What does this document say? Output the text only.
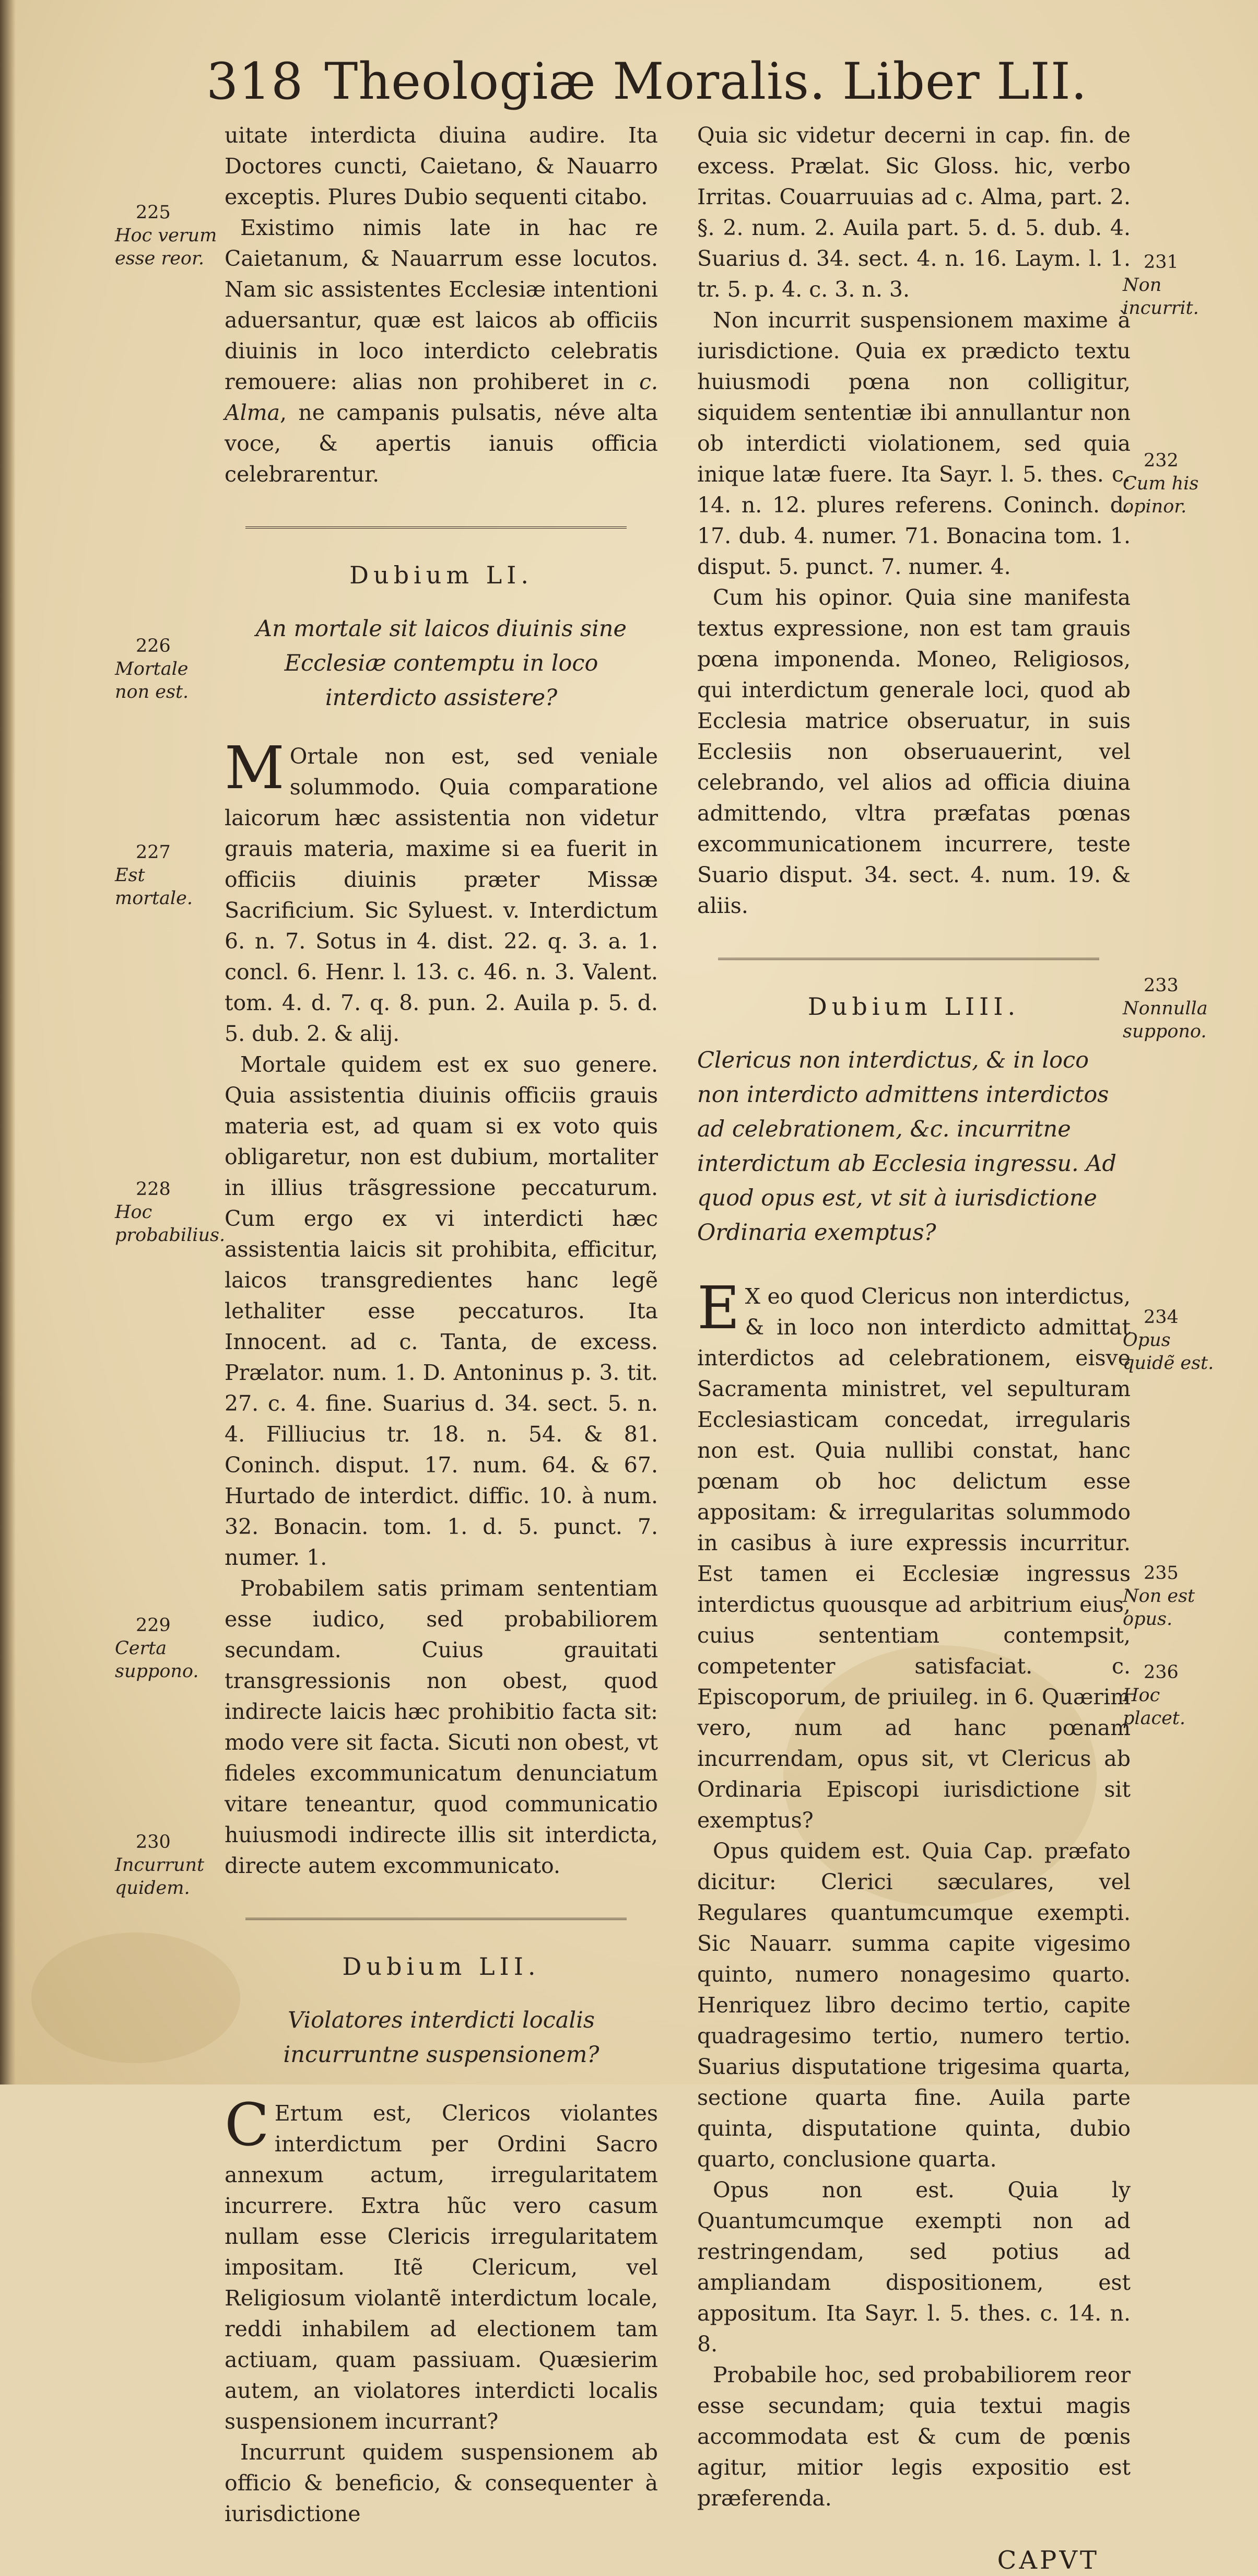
318 Theologiæ Moralis. Liber LII.

uitate interdicta diuina audire. Ita Doctores cuncti, Caietano, & Nauarro exceptis. Plures Dubio sequenti citabo.

Existimo nimis late in hac re Caietanum, & Nauarrum esse locutos. Nam sic assistentes Ecclesiæ intentioni aduersantur, quæ est laicos ab officiis diuinis in loco interdicto celebratis remouere: alias non prohiberet in c. Alma, ne campanis pulsatis, néve alta voce, & apertis ianuis officia celebrarentur.

Dubium LI.
An mortale sit laicos diuinis sine Ecclesiæ contemptu in loco interdicto assistere?

M Ortale non est, sed veniale solummodo. Quia comparatione laicorum hæc assistentia non videtur grauis materia, maxime si ea fuerit in officiis diuinis præter Missæ Sacrificium. Sic Syluest. v. Interdictum 6. n. 7. Sotus in 4. dist. 22. q. 3. a. 1. concl. 6. Henr. l. 13. c. 46. n. 3. Valent. tom. 4. d. 7. q. 8. pun. 2. Auila p. 5. d. 5. dub. 2. & alij.

Mortale quidem est ex suo genere. Quia assistentia diuinis officiis grauis materia est, ad quam si ex voto quis obligaretur, non est dubium, mortaliter in illius trãsgressione peccaturum. Cum ergo ex vi interdicti hæc assistentia laicis sit prohibita, efficitur, laicos transgredientes hanc legẽ lethaliter esse peccaturos. Ita Innocent. ad c. Tanta, de excess. Prælator. num. 1. D. Antoninus p. 3. tit. 27. c. 4. fine. Suarius d. 34. sect. 5. n. 4. Filliucius tr. 18. n. 54. & 81. Coninch. disput. 17. num. 64. & 67. Hurtado de interdict. diffic. 10. à num. 32. Bonacin. tom. 1. d. 5. punct. 7. numer. 1.

Probabilem satis primam sententiam esse iudico, sed probabiliorem secundam. Cuius grauitati transgressionis non obest, quod indirecte laicis hæc prohibitio facta sit: modo vere sit facta. Sicuti non obest, vt fideles excommunicatum denunciatum vitare teneantur, quod communicatio huiusmodi indirecte illis sit interdicta, directe autem excommunicato.

Dubium LII.
Violatores interdicti localis incurruntne suspensionem?

C Ertum est, Clericos violantes interdictum per Ordini Sacro annexum actum, irregularitatem incurrere. Extra hũc vero casum nullam esse Clericis irregularitatem impositam. Itẽ Clericum, vel Religiosum violantẽ interdictum locale, reddi inhabilem ad electionem tam actiuam, quam passiuam. Quæsierim autem, an violatores interdicti localis suspensionem incurrant?

Incurrunt quidem suspensionem ab officio & beneficio, & consequenter à iurisdictione

Quia sic videtur decerni in cap. fin. de excess. Prælat. Sic Gloss. hic, verbo Irritas. Couarruuias ad c. Alma, part. 2. §. 2. num. 2. Auila part. 5. d. 5. dub. 4. Suarius d. 34. sect. 4. n. 16. Laym. l. 1. tr. 5. p. 4. c. 3. n. 3.

Non incurrit suspensionem maxime à iurisdictione. Quia ex prædicto textu huiusmodi pœna non colligitur, siquidem sententiæ ibi annullantur non ob interdicti violationem, sed quia inique latæ fuere. Ita Sayr. l. 5. thes. c. 14. n. 12. plures referens. Coninch. d. 17. dub. 4. numer. 71. Bonacina tom. 1. disput. 5. punct. 7. numer. 4.

Cum his opinor. Quia sine manifesta textus expressione, non est tam grauis pœna imponenda. Moneo, Religiosos, qui interdictum generale loci, quod ab Ecclesia matrice obseruatur, in suis Ecclesiis non obseruauerint, vel celebrando, vel alios ad officia diuina admittendo, vltra præfatas pœnas excommunicationem incurrere, teste Suario disput. 34. sect. 4. num. 19. & aliis.

Dubium LIII.
Clericus non interdictus, & in loco non interdicto admittens interdictos ad celebrationem, &c. incurritne interdictum ab Ecclesia ingressu. Ad quod opus est, vt sit à iurisdictione Ordinaria exemptus?

E X eo quod Clericus non interdictus, & in loco non interdicto admittat interdictos ad celebrationem, eisve Sacramenta ministret, vel sepulturam Ecclesiasticam concedat, irregularis non est. Quia nullibi constat, hanc pœnam ob hoc delictum esse appositam: & irregularitas solummodo in casibus à iure expressis incurritur. Est tamen ei Ecclesiæ ingressus interdictus quousque ad arbitrium eius, cuius sententiam contempsit, competenter satisfaciat. c. Episcoporum, de priuileg. in 6. Quærim vero, num ad hanc pœnam incurrendam, opus sit, vt Clericus ab Ordinaria Episcopi iurisdictione sit exemptus?

Opus quidem est. Quia Cap. præfato dicitur: Clerici sæculares, vel Regulares quantumcumque exempti. Sic Nauarr. summa capite vigesimo quinto, numero nonagesimo quarto. Henriquez libro decimo tertio, capite quadragesimo tertio, numero tertio. Suarius disputatione trigesima quarta, sectione quarta fine. Auila parte quinta, disputatione quinta, dubio quarto, conclusione quarta.

Opus non est. Quia ly Quantumcumque exempti non ad restringendam, sed potius ad ampliandam dispositionem, est appositum. Ita Sayr. l. 5. thes. c. 14. n. 8.

Probabile hoc, sed probabiliorem reor esse secundam; quia textui magis accommodata est & cum de pœnis agitur, mitior legis expositio est præferenda.

CAPVT
225
Hoc verum esse reor.
226
Mortale non est.
227
Est mortale.
228
Hoc probabilius.
229
Certa suppono.
230
Incurrunt quidem.
231
Non incurrit.
232
Cum his opinor.
233
Nonnulla suppono.
234
Opus quidẽ est.
235
Non est opus.
236
Hoc placet.
